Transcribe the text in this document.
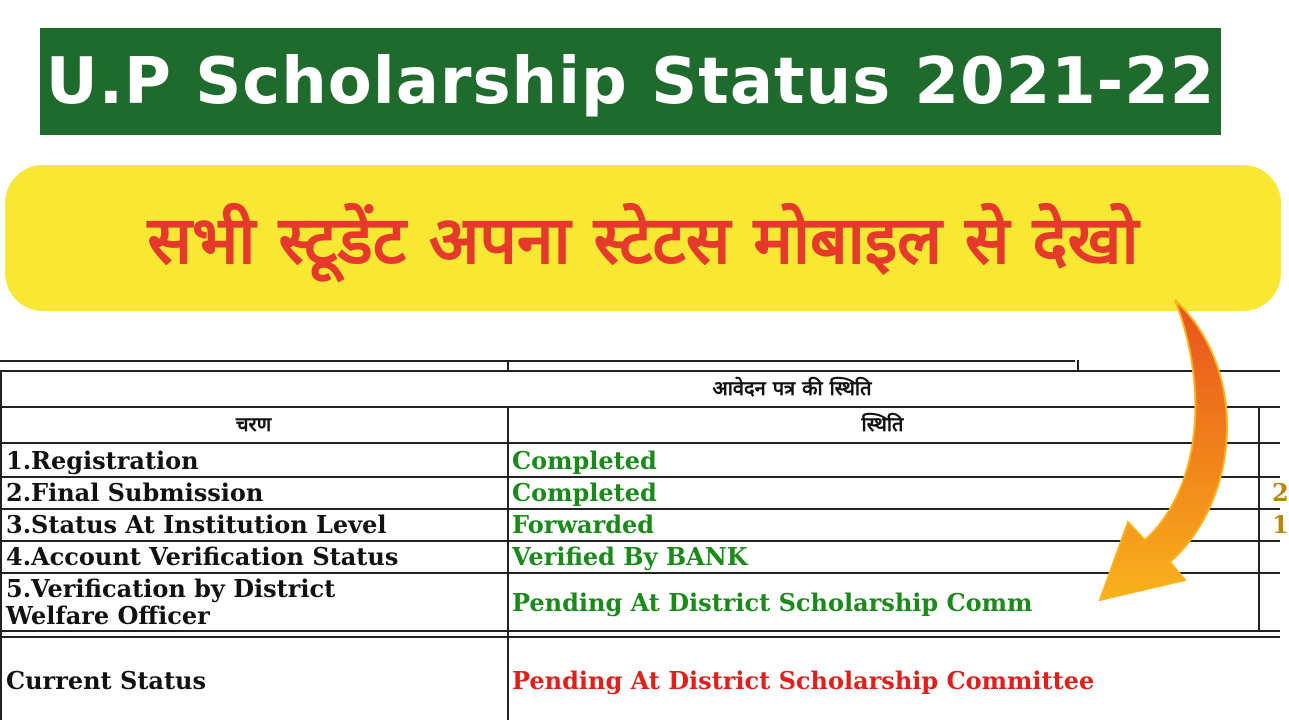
U.P Scholarship Status 2021-22
सभी स्टूडेंट अपना स्टेटस मोबाइल से देखो
आवेदन पत्र की स्थिति
चरण	स्थिति
1.Registration	Completed
2.Final Submission	Completed	2
3.Status At Institution Level	Forwarded	1
4.Account Verification Status	Verified By BANK
5.Verification by District
Welfare Officer	Pending At District Scholarship Comm
Current Status	Pending At District Scholarship Committee
